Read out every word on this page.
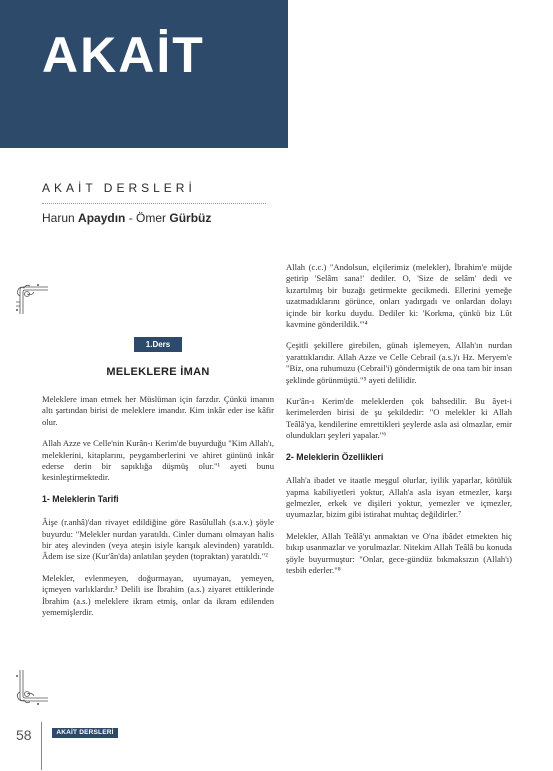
AKAİT
AKAİT DERSLERİ
Harun Apaydın - Ömer Gürbüz
1.Ders
MELEKLERE İMAN

Meleklere iman etmek her Müslüman için farzdır. Çünkü imanın altı şartından birisi de meleklere imandır. Kim inkâr eder ise kâfir olur.

Allah Azze ve Celle'nin Kurân-ı Kerim'de buyurduğu "Kim Allah'ı, meleklerini, kitaplarını, peygamberlerini ve ahiret gününü inkâr ederse derin bir sapıklığa düşmüş olur."¹ ayeti bunu kesinleştirmektedir.

1- Meleklerin Tarifi

Âişe (r.anhâ)'dan rivayet edildiğine göre Rasûlullah (s.a.v.) şöyle buyurdu: "Melekler nurdan yaratıldı. Cinler dumanı olmayan halis bir ateş alevinden (veya ateşin isiyle karışık alevinden) yaratıldı. Âdem ise size (Kur'ân'da) anlatılan şeyden (topraktan) yaratıldı."²

Melekler, evlenmeyen, doğurmayan, uyumayan, yemeyen, içmeyen varlıklardır.³ Delili ise İbrahim (a.s.) ziyaret ettiklerinde İbrahim (a.s.) meleklere ikram etmiş, onlar da ikram edilenden yememişlerdir.

Allah (c.c.) "Andolsun, elçilerimiz (melekler), İbrahim'e müjde getirip 'Selâm sana!' dediler. O, 'Size de selâm' dedi ve kızartılmış bir buzağı getirmekte gecikmedi. Ellerini yemeğe uzatmadıklarını görünce, onları yadırgadı ve onlardan dolayı içinde bir korku duydu. Dediler ki: 'Korkma, çünkü biz Lût kavmine gönderildik.'"⁴

Çeşitli şekillere girebilen, günah işlemeyen, Allah'ın nurdan yarattıklarıdır. Allah Azze ve Celle Cebrail (a.s.)'ı Hz. Meryem'e "Biz, ona ruhumuzu (Cebrail'i) göndermiştik de ona tam bir insan şeklinde görünmüştü."⁵ ayeti delilidir.

Kur'ân-ı Kerim'de meleklerden çok bahsedilir. Bu âyet-i kerimelerden birisi de şu şekildedir: "O melekler ki Allah Teâlâ'ya, kendilerine emrettikleri şeylerde asla asi olmazlar, emir olundukları şeyleri yapalar."⁶

2- Meleklerin Özellikleri

Allah'a ibadet ve itaatle meşgul olurlar, iyilik yaparlar, kötülük yapma kabiliyetleri yoktur, Allah'a asla isyan etmezler, karşı gelmezler, erkek ve dişileri yoktur, yemezler ve içmezler, uyumazlar, bizim gibi istirahat muhtaç değildirler.⁷

Melekler, Allah Teâlâ'yı anmaktan ve O'na ibâdet etmekten hiç bıkıp usanmazlar ve yorulmazlar. Nitekim Allah Teâlâ bu konuda şöyle buyurmuştur: "Onlar, gece-gündüz bıkmaksızın (Allah'ı) tesbih ederler."⁸

58	AKAİT DERSLERİ
